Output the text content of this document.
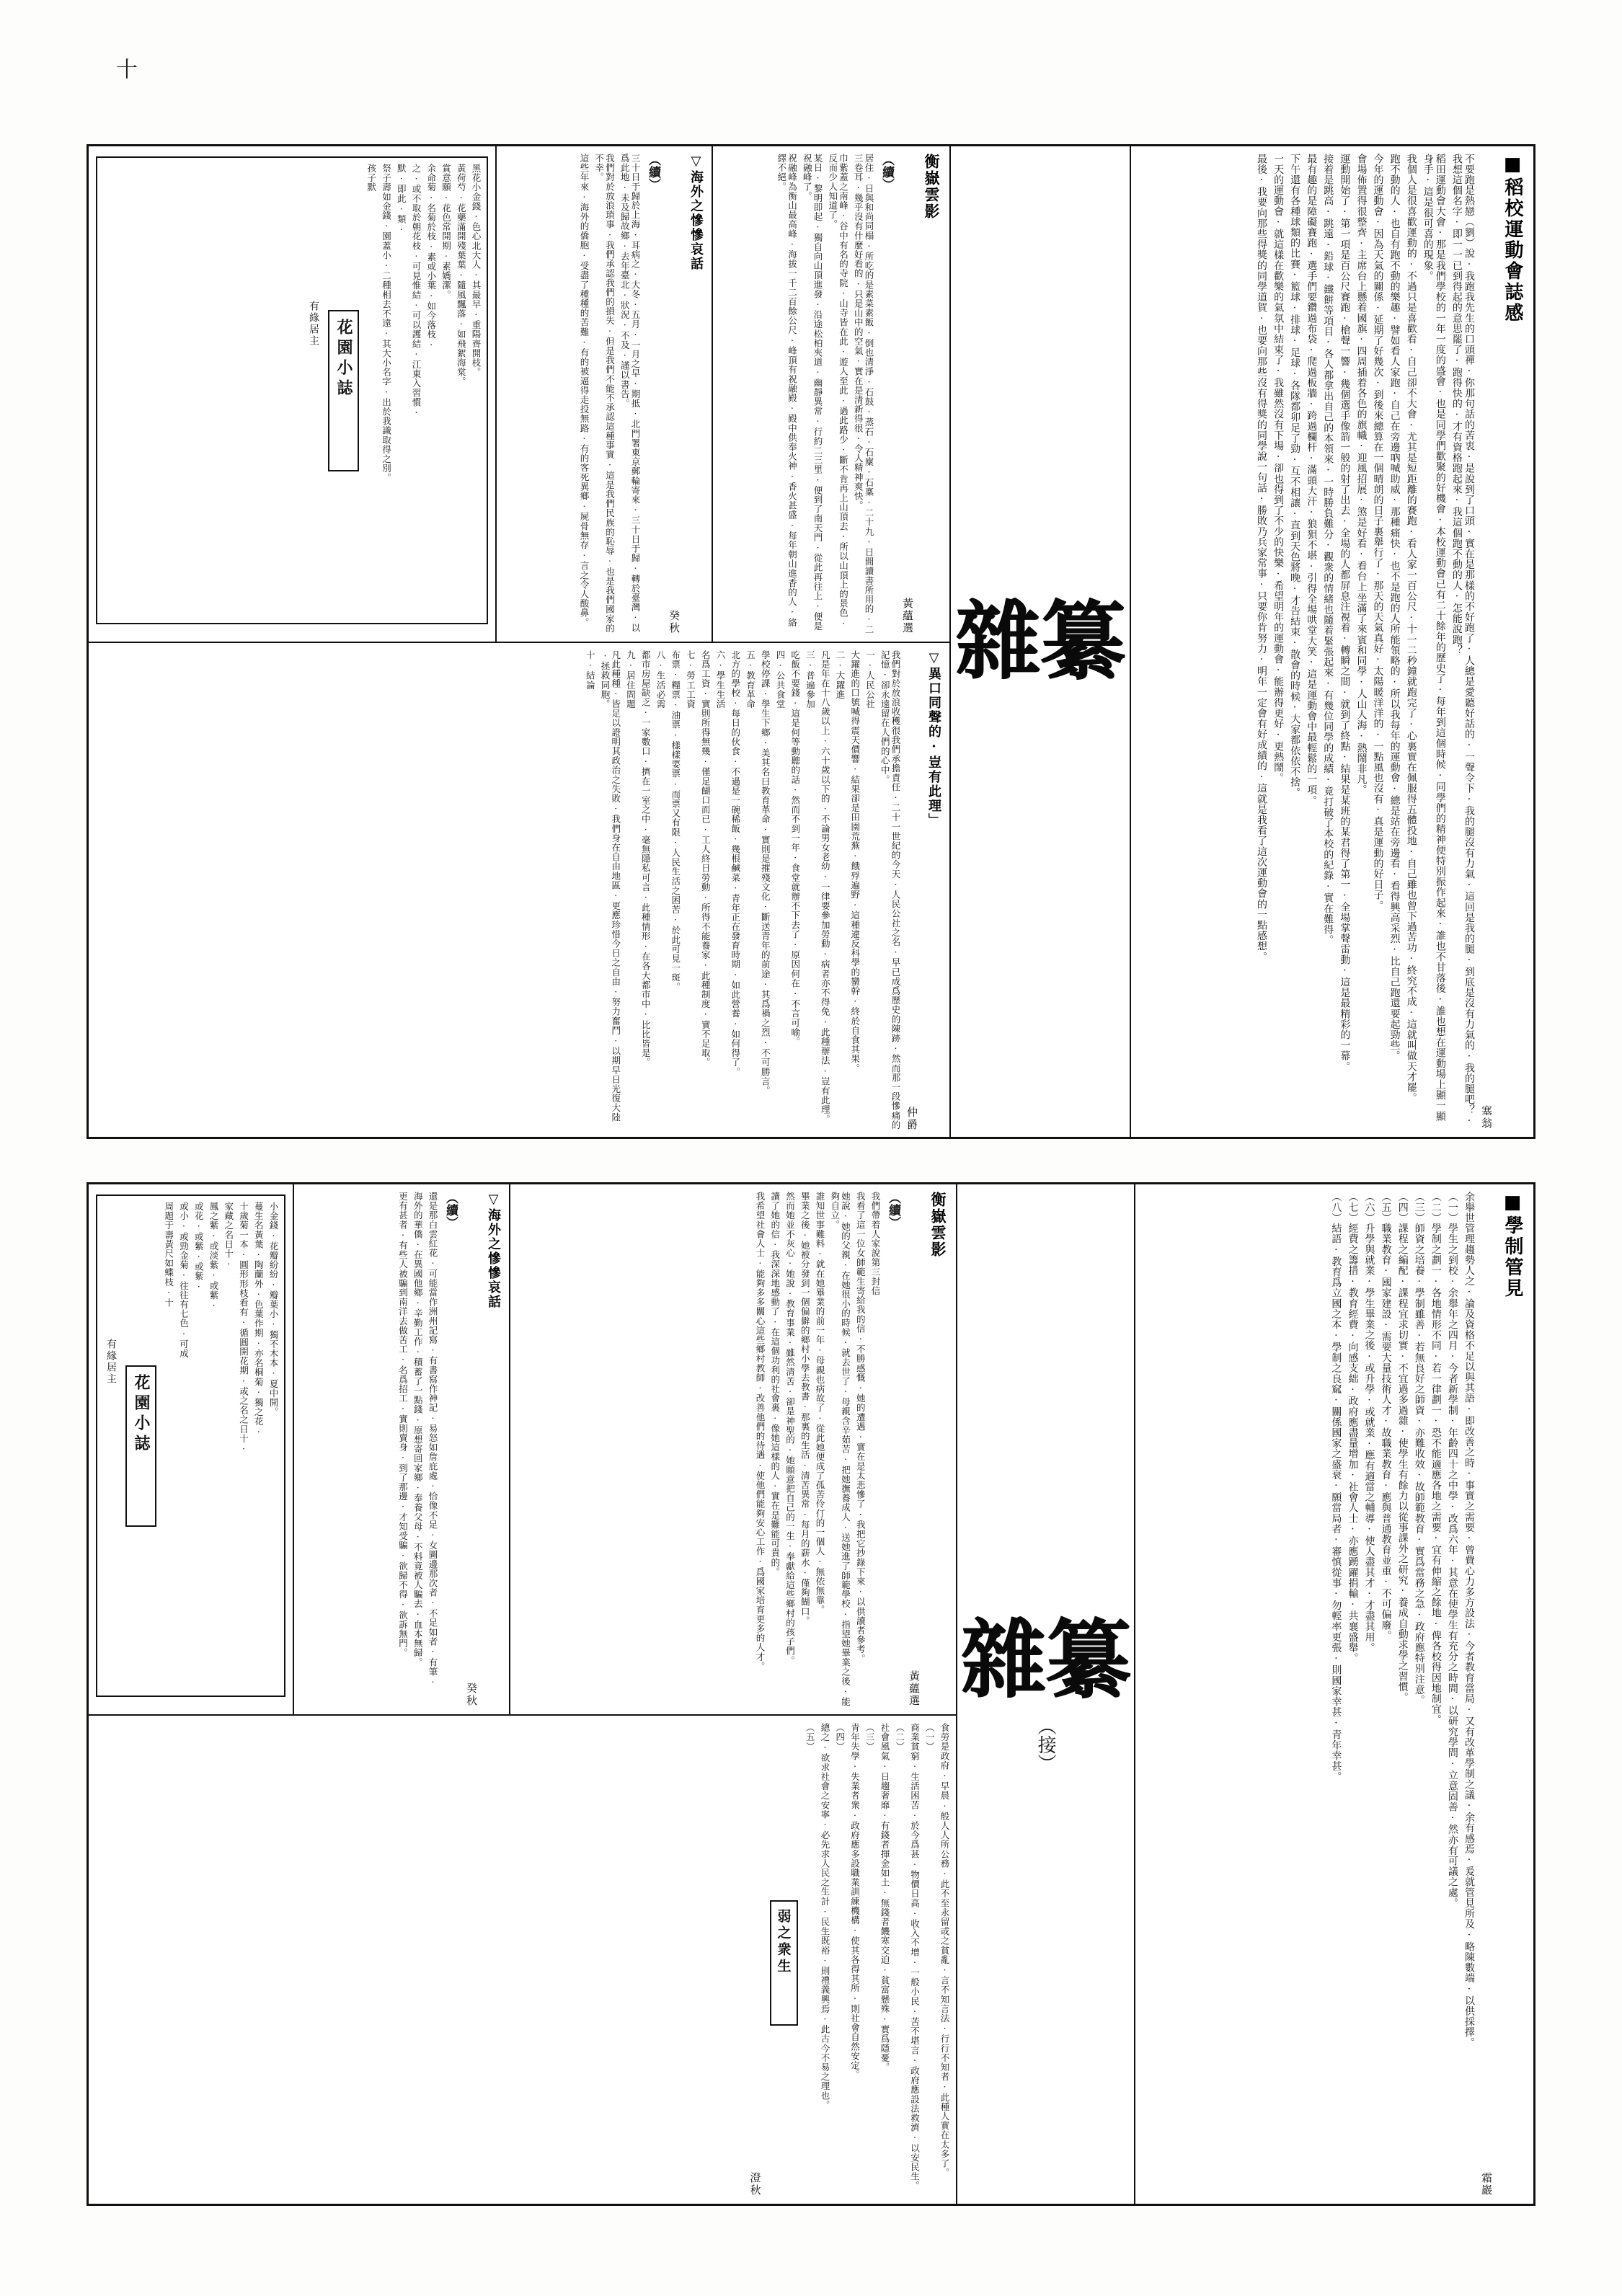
十
■稻校運動會誌感
塞翁
不要跑是熱戀（劉）說·我跑我先生的口頭禪·你那句話的苦衷·是說到了口頭·實在是那樣的不好跑了·人總是愛聽好話的·一聲令下·我的腿沒有力氣·這回是我的腿·到底是沒有力氣的·我的腿吧？·我想這個名字·即一一已到得起的意思罷了·跑得快的·才有資格跑起來·我這個跑不動的人·怎能說跑？
稻田運動會大會·那是我們學校的一年一度的盛會·也是同學們歡聚的好機會·本校運動會已有二十餘年的歷史了·每年到這個時候·同學們的精神便特別振作起來·誰也不甘落後·誰也想在運動場上顯一顯身手·這是很可喜的現象。
我個人是很喜歡運動的·不過只是喜歡看·自己卻不大會·尤其是短距離的賽跑·看人家一百公尺·十一二秒鐘就跑完了·心裏實在佩服得五體投地·自己雖也曾下過苦功·終究不成·這就叫做天才罷。
跑不動的人·也自有跑不動的樂趣·譬如看人家跑·自己在旁邊吶喊助威·那種痛快·也不是跑的人所能領略的·所以我每年的運動會·總是站在旁邊看·看得興高采烈·比自己跑還要起勁些。
今年的運動會·因為天氣的關係·延期了好幾次·到後來總算在一個晴朗的日子裏舉行了·那天的天氣真好·太陽暖洋洋的·一點風也沒有·真是運動的好日子。
會場佈置得很整齊·主席台上懸着國旗·四周插着各色的旗幟·迎風招展·煞是好看·看台上坐滿了來賓和同學·人山人海·熱鬧非凡。
運動開始了·第一項是百公尺賽跑·槍聲一響·幾個選手像箭一般的射了出去·全場的人都屏息注視着·轉瞬之間·就到了終點·結果是某班的某君得了第一·全場掌聲雷動·這是最精彩的一幕。
接着是跳高·跳遠·鉛球·鐵餅等項目·各人都拿出自己的本領來·一時勝負難分·觀衆的情緒也隨着緊張起來·有幾位同學的成績·竟打破了本校的紀錄·實在難得。
最有趣的是障礙賽跑·選手們要鑽過布袋·爬過板牆·跨過欄杆·滿頭大汗·狼狽不堪·引得全場哄堂大笑·這是運動會中最輕鬆的一項。
下午還有各種球類的比賽·籃球·排球·足球·各隊都卯足了勁·互不相讓·直到天色將晚·才告結束·散會的時候·大家都依依不捨。
一天的運動會·就這樣在歡樂的氣氛中結束了·我雖然沒有下場·卻也得到了不少的快樂·希望明年的運動會·能辦得更好·更熱鬧。
最後·我要向那些得獎的同學道賀·也要向那些沒有得獎的同學說一句話·勝敗乃兵家常事·只要你肯努力·明年一定會有好成績的·這就是我看了這次運動會的一點感想。
雜纂
衡嶽雲影
黃蘊選
（續）
居住·日與和尚同榻·所吃的是素菜素飯·倒也清淨·石鼓·蒸石·石廩·石稟·二十九·日間讀書所用的·二三卷耳·幾乎沒有什麼好看的·只是山中的空氣·實在是清新得很·令人精神爽快。
巾紫蓋之南峰·谷中有名的寺院·山寺皆在此·遊人至此·過此路少·斷不肯再上山頂去·所以山頂上的景色·反而少人知道了。
某日·黎明即起·獨自向山頂進發·沿途松柏夾道·幽靜異常·行約二三里·便到了南天門·從此再往上·便是祝融峰了。
祝融峰為衡山最高峰·海拔一千二百餘公尺·峰頂有祝融殿·殿中供奉火神·香火甚盛·每年朝山進香的人·絡繹不絕。
▽海外之慘慘哀話
癸秋
（續）
三十日于歸於上海·耳病之·大冬·五月·一月之早·期抵·北門署東京郵輪寄來·三十日于歸·轉於臺灣·以爲此地·未及歸故鄉·去年臺北·狀況·不及·謹以書告。
我們對於放浪瑣事·我們承認我們的損失·但是我們不能不承認這種事實·這是我們民族的恥辱·也是我們國家的不幸。
這些年來·海外的僑胞·受盡了種種的苦難·有的被逼得走投無路·有的客死異鄉·屍骨無存·言之令人酸鼻。
黑花小金錢·色心北大人·其最早·重陽齊開枝。
黃荷芍·花藥滿開殘葉葉·隨風飄落·如飛絮海棠。
賞意願·花色常開期·素嬌潔。
余命菊·名菊於枝·素或小葉·如今落枝·
之·或不取於朝花枝·可見惟結·可以護結·江東入習慣·
默·即此·類·
祭子壽如金錢·園蓋小·二種相去不遠·其大小名字·出於我識取得之別。
孩子默
花園小誌
有緣居主
▽異口同聲的·豈有此理」
仲爵
我們對於放浪收穫很我們承擔責任·二十一世紀的今天·人民公社之名·早已成爲歷史的陳跡·然而那一段慘痛的記憶·卻永遠留在人們的心中。
一·人民公社
大躍進的口號喊得震天價響·結果卻是田園荒蕪·餓殍遍野·這種違反科學的蠻幹·終於自食其果。
二·大躍進
凡是年在十八歲以上·六十歲以下的·不論男女老幼·一律要參加勞動·病者亦不得免·此種辦法·豈有此理。
三·普遍參加
吃飯不要錢·這是何等動聽的話·然而不到一年·食堂就辦不下去了·原因何在·不言可喻。
四·公共食堂
學校停課·學生下鄉·美其名曰教育革命·實則是摧殘文化·斷送青年的前途·其爲禍之烈·不可勝言。
五·教育革命
北方的學校·每日的伙食·不過是一碗稀飯·幾根鹹菜·青年正在發育時期·如此營養·如何得了。
六·學生生活
名爲工資·實則所得無幾·僅足餬口而已·工人終日勞動·所得不能養家·此種制度·實不足取。
七·勞工工資
布票·糧票·油票·樣樣要票·而票又有限·人民生活之困苦·於此可見一斑。
八·生活必需
都市房屋缺乏·一家數口·擠在一室之中·毫無隱私可言·此種情形·在各大都市中·比比皆是。
九·居住問題
凡此種種·皆足以證明其政治之失敗·我們身在自由地區·更應珍惜今日之自由·努力奮鬥·以期早日光復大陸·拯救同胞。
十·結論
■學制管見
霜巖
余舉世管理趨勢人之·論及資格不足以與其語·即改善之時·事實之需要·曾費心力多方設法·今者教育當局·又有改革學制之議·余有感焉·爰就管見所及·略陳數端·以供採擇。
（一）學生之到校·余舉年之四月·今者新學制·年齡四十之中學·改爲六年·其意在使學生有充分之時間·以研究學問·立意固善·然亦有可議之處。
（二）學制之劃一·各地情形不同·若一律劃一·恐不能適應各地之需要·宜有伸縮之餘地·俾各校得因地制宜。
（三）師資之培養·學制雖善·若無良好之師資·亦難收效·故師範教育·實爲當務之急·政府應特別注意。
（四）課程之編配·課程宜求切實·不宜過多過雜·使學生有餘力以從事課外之研究·養成自動求學之習慣。
（五）職業教育·國家建設·需要大量技術人才·故職業教育·應與普通教育並重·不可偏廢。
（六）升學與就業·學生畢業之後·或升學·或就業·應有適當之輔導·使人盡其才·才盡其用。
（七）經費之籌措·教育經費·向感支絀·政府應盡量增加·社會人士·亦應踴躍捐輸·共襄盛舉。
（八）結語·教育爲立國之本·學制之良窳·關係國家之盛衰·願當局者·審慎從事·勿輕率更張·則國家幸甚·青年幸甚。
雜纂
（接）
衡嶽雲影
黃蘊選
（續）
我們帶着人家說第三封信
我看了這一位女師範生寄給我的信·不勝感慨·她的遭遇·實在是太悲慘了·我把它抄錄下來·以供讀者參考。
她說·她的父親·在她很小的時候·就去世了·母親含辛茹苦·把她撫養成人·送她進了師範學校·指望她畢業之後·能夠自立。
誰知世事難料·就在她畢業的前一年·母親也病故了·從此她便成了孤苦伶仃的一個人·無依無靠。
畢業之後·她被分發到一個偏僻的鄉村小學去教書·那裏的生活·清苦異常·每月的薪水·僅夠餬口。
然而她並不灰心·她說·教育事業·雖然清苦·卻是神聖的·她願意把自己的一生·奉獻給這些鄉村的孩子們。
讀了她的信·我深深地感動了·在這個功利的社會裏·像她這樣的人·實在是難能可貴的。
我希望社會人士·能夠多多關心這些鄉村教師·改善他們的待遇·使他們能夠安心工作·爲國家培育更多的人才。
▽海外之慘慘哀話
癸秋
（續）
還是那白雲紅花·可能當作洲州記寫·有書寫作神記·易怒如詹庇處·恰像不足·女圖邊那次者·不足如者·有筆·
海外的華僑·在異國他鄉·辛勤工作·積蓄了一點錢·原想寄回家鄉·奉養父母·不料竟被人騙去·血本無歸。
更有甚者·有些人被騙到南洋去做苦工·名爲招工·實則賣身·到了那邊·才知受騙·欲歸不得·欲訴無門。
小金錢·花瓣紛紛·瓣葉小·獨不木本·夏中開。
蔓生名黃葉·陶蘭外·色葉作期·亦名桐菊·獨之花·
十歲菊一本·圓形形枝看有·循圓開花期·或之名之日十·
家藏之名日十·
鳳之紫·或淡紫·或紫·
或花·或紫·或紫·
或小·或勁金菊·往往有七色·可成
周題于壽黃尺如蝶枝·十
花園小誌
有緣居主
食勞是政府·早晨·般人人所公務·此不至永留或之貧亂·言不知言法·行行不知者·此種人實在太多了。
（一）
商業貧窮·生活困苦·於今爲甚·物價日高·收入不增·一般小民·苦不堪言·政府應設法救濟·以安民生。
（二）
社會風氣·日趨奢靡·有錢者揮金如土·無錢者饑寒交迫·貧富懸殊·實爲隱憂。
（三）
青年失學·失業者衆·政府應多設職業訓練機構·使其各得其所·則社會自然安定。
（四）
總之·欲求社會之安寧·必先求人民之生計·民生既裕·則禮義興焉·此古今不易之理也。
（五）
弱之衆生
澄秋
